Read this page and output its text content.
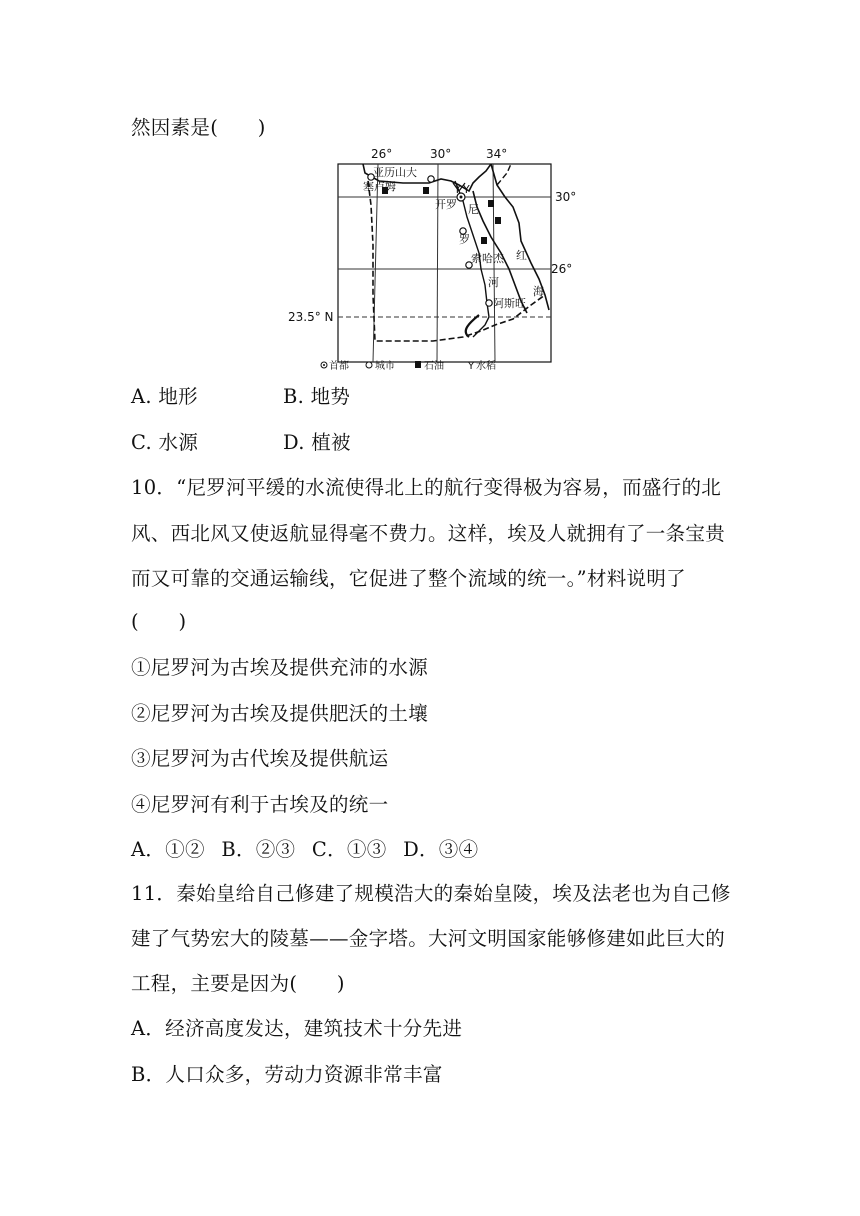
然因素是(　　)
Y Y
26°	30°	34°
30°
26°
23.5° N
亚历山大
塞卢姆
开罗 尼
罗
索哈杰
河
阿斯旺
红
海
首都	城市	石油 Y 水稻
A. 地形	B. 地势
C. 水源	D. 植被
10．“尼罗河平缓的水流使得北上的航行变得极为容易，而盛行的北
风、西北风又使返航显得毫不费力。这样，埃及人就拥有了一条宝贵
而又可靠的交通运输线，它促进了整个流域的统一。”材料说明了
(　　)
①尼罗河为古埃及提供充沛的水源
②尼罗河为古埃及提供肥沃的土壤
③尼罗河为古代埃及提供航运
④尼罗河有利于古埃及的统一
A．①②  B．②③  C．①③  D．③④
11．秦始皇给自己修建了规模浩大的秦始皇陵，埃及法老也为自己修
建了气势宏大的陵墓——金字塔。大河文明国家能够修建如此巨大的
工程，主要是因为(　　)
A．经济高度发达，建筑技术十分先进
B．人口众多，劳动力资源非常丰富
